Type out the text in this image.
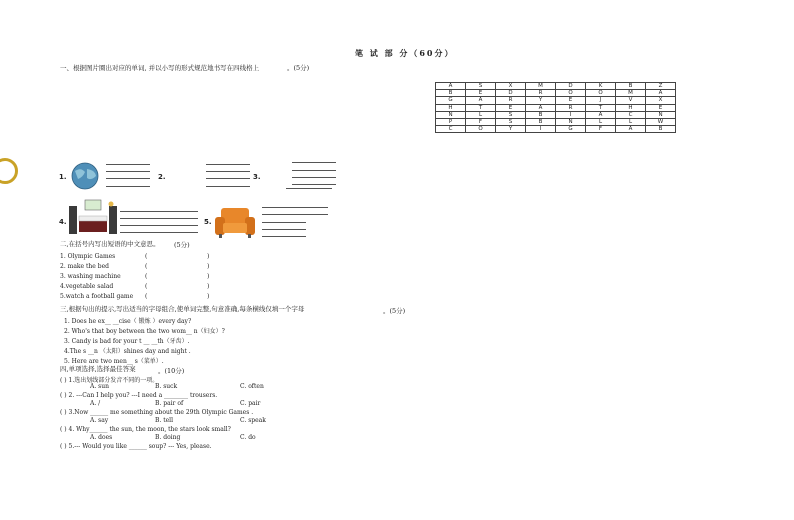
笔 试 部 分（60分）
一、根据图片圈出对应的单词, 并以小写的形式规范地书写在四线格上	。(5分)
A	S	X	M	D	K	B	Z
B	E	D	R	O	O	M	A
G	A	R	Y	E	J	V	X
H	T	E	A	R	T	H	E
N	L	S	B	I	A	C	N
P	F	S	B	N	L	L	W
C	O	Y	I	G	F	A	B
1.	2.	3.
4.	5.
二,在括号内写出短语的中文意思。 (5分)
1. Olympic Games	(	)
2. make the bed	(	)
3. washing machine	(	)
4.vegetable salad	(	)
5.watch a football game (	)
三,根据句出的提示,写出适当的字母组合,使单词完整,句意准确,每条横线仅填一个字母	。(5分)
1. Does he ex__ __cise（ 锻炼 ）every day?
2. Who's that boy between the two wom__ n（妇女）?
3. Candy is bad for your t __ __th（牙齿）.
4.The s __n （太阳）shines day and night .
5. Here are two men__ s（菜单）.
四,单项选择,选择最佳答案	。(10分)
( ) 1.选出划线部分发音不同的一项。
A. sun	B. suck	C. often
( ) 2. ---Can I help you? ---I need a ________ trousers.
A. /	B. pair of	C. pair
( ) 3.Now ______ me something about the 29th Olympic Games .
A. say	B. tell	C. speak
( ) 4. Why______ the sun, the moon, the stars look small?
A. does	B. doing	C. do
( ) 5.--- Would you like ______ soup? --- Yes, please.
